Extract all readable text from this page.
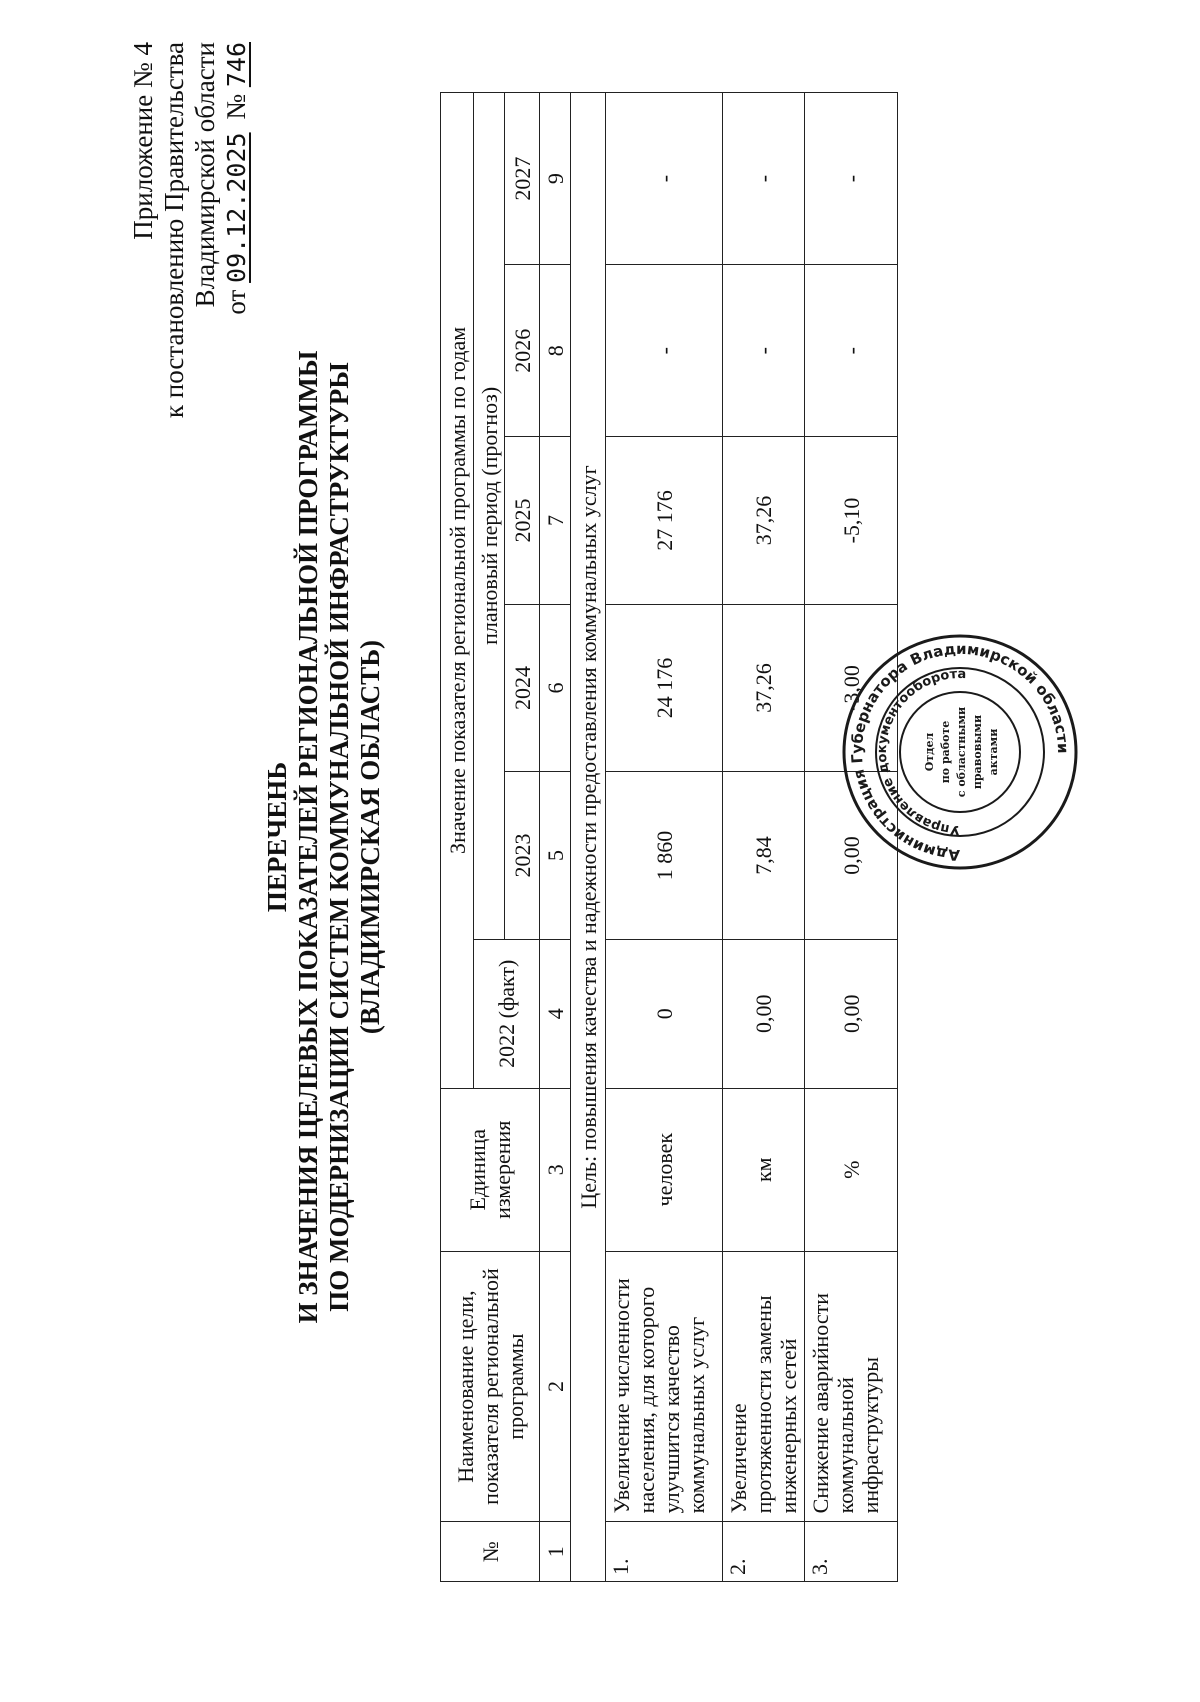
Приложение № 4 к постановлению Правительства Владимирской области от 09.12.2025 № 746
ПЕРЕЧЕНЬ И ЗНАЧЕНИЯ ЦЕЛЕВЫХ ПОКАЗАТЕЛЕЙ РЕГИОНАЛЬНОЙ ПРОГРАММЫ ПО МОДЕРНИЗАЦИИ СИСТЕМ КОММУНАЛЬНОЙ ИНФРАСТРУКТУРЫ (ВЛАДИМИРСКАЯ ОБЛАСТЬ)
№	Наименование цели, показателя региональной программы	Единица измерения	Значение показателя региональной программы по годам					
			2022 (факт)	плановый период (прогноз)				
				2023	2024	2025	2026	2027
1	2	3	4	5	6	7	8	9
Цель: повышения качества и надежности предоставления коммунальных услуг								
1.	Увеличение численности населения, для которого улучшится качество коммунальных услуг	человек	0	1 860	24 176	27 176	-	-
2.	Увеличение протяженности замены инженерных сетей	км	0,00	7,84	37,26	37,26	-	-
3.	Снижение аварийности коммунальной инфраструктуры	%	0,00	0,00	-3,00	-5,10	-	-
Администрация Губернатора Владимирской области
Управление документооборота
Отдел по работе с областными правовыми актами
